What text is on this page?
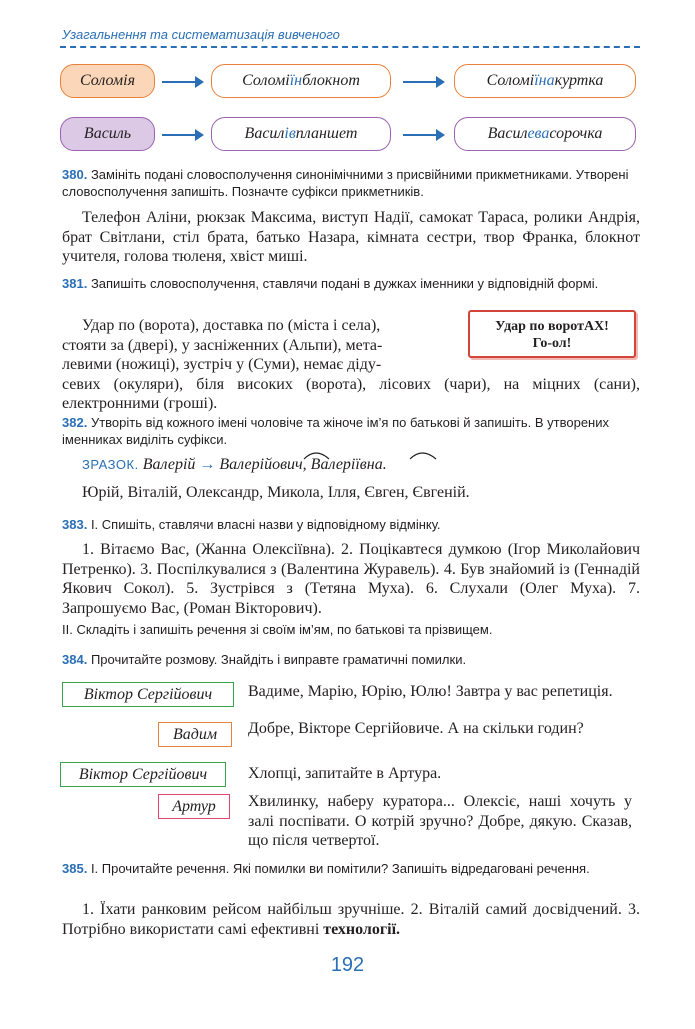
Узагальнення та систематизація вивченого
Соломія	Соломі їн блокнот	Соломі їна куртка
Василь	Васил ів планшет	Васил ева сорочка
380. Замініть подані словосполучення синонімічними з присвійними прикметниками. Утворені словосполучення запишіть. Позначте суфікси прикметників.
Телефон Аліни, рюкзак Максима, виступ Надії, самокат Тараса, ролики Андрія, брат Світлани, стіл брата, батько Назара, кімната сестри, твор Франка, блокнот учителя, голова тюленя, хвіст миші.
381. Запишіть словосполучення, ставлячи подані в дужках іменники у відповідній формі.
Удар по (ворота), доставка по (міста і села),
стояти за (двері), у засніженних (Альпи), мета-
левими (ножиці), зустріч у (Суми), немає діду-
севих (окуляри), біля високих (ворота), лісових (чари), на міцних (сани), електронними (гроші).
Удар по воротАХ!
Го-ол!
382. Утворіть від кожного імені чоловіче та жіноче ім’я по батькові й запишіть. В утворених іменниках виділіть суфікси.
ЗРАЗОК. Валерій → Валерійович, Валеріївна.
Юрій, Віталій, Олександр, Микола, Ілля, Євген, Євгеній.
383. І. Спишіть, ставлячи власні назви у відповідному відмінку.
1. Вітаємо Вас, (Жанна Олексіївна). 2. Поцікавтеся думкою (Ігор Миколайович Петренко). 3. Поспілкувалися з (Валентина Журавель). 4. Був знайомий із (Геннадій Якович Сокол). 5. Зустрівся з (Тетяна Муха). 6. Слухали (Олег Муха). 7. Запрошуємо Вас, (Роман Вікторович).
ІІ. Складіть і запишіть речення зі своїм ім’ям, по батькові та прізвищем.
384. Прочитайте розмову. Знайдіть і виправте граматичні помилки.
Віктор Сергійович	Вадиме, Марію, Юрію, Юлю! Завтра у вас репетиція.
Вадим	Добре, Вікторе Сергійовиче. А на скільки годин?
Віктор Сергійович	Хлопці, запитайте в Артура.
Артур	Хвилинку, наберу куратора... Олексіє, наші хочуть у залі поспівати. О котрій зручно? Добре, дякую. Сказав, що після четвертої.
385. І. Прочитайте речення. Які помилки ви помітили? Запишіть відредаговані речення.
1. Їхати ранковим рейсом найбільш зручніше. 2. Віталій самий досвідчений. 3. Потрібно використати самі ефективні технології.
192
